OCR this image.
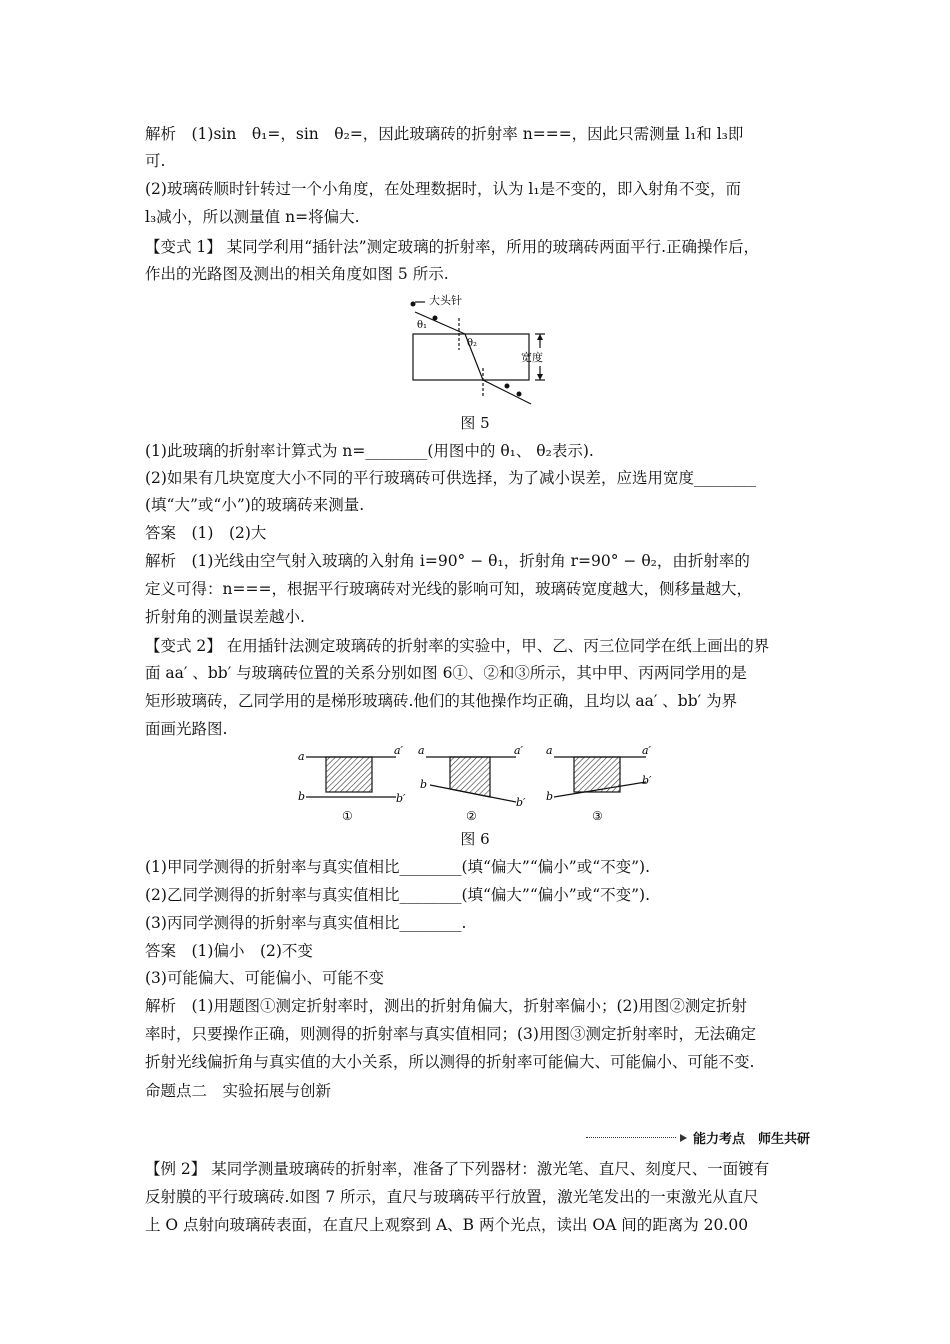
解析　(1)sin　θ₁=，sin　θ₂=，因此玻璃砖的折射率 n===，因此只需测量 l₁和 l₃即
可.
(2)玻璃砖顺时针转过一个小角度，在处理数据时，认为 l₁是不变的，即入射角不变，而
l₃减小，所以测量值 n=将偏大.
【变式 1】 某同学利用“插针法”测定玻璃的折射率，所用的玻璃砖两面平行.正确操作后，
作出的光路图及测出的相关角度如图 5 所示.
大头针
θ₁
θ₂
宽度
图 5
(1)此玻璃的折射率计算式为 n=________(用图中的 θ₁、 θ₂表示).
(2)如果有几块宽度大小不同的平行玻璃砖可供选择，为了减小误差，应选用宽度________
(填“大”或“小”)的玻璃砖来测量.
答案　(1)　(2)大
解析　(1)光线由空气射入玻璃的入射角 i=90° − θ₁，折射角 r=90° − θ₂，由折射率的
定义可得：n===，根据平行玻璃砖对光线的影响可知，玻璃砖宽度越大，侧移量越大，
折射角的测量误差越小.
【变式 2】 在用插针法测定玻璃砖的折射率的实验中，甲、乙、丙三位同学在纸上画出的界
面 aa′ 、bb′ 与玻璃砖位置的关系分别如图 6①、②和③所示，其中甲、丙两同学用的是
矩形玻璃砖，乙同学用的是梯形玻璃砖.他们的其他操作均正确，且均以 aa′ 、bb′ 为界
面画光路图.
a	a′
b	b′
①
a	a′
b
b′
②
a	a′
b
b′
③
图 6
(1)甲同学测得的折射率与真实值相比________(填“偏大”“偏小”或“不变”).
(2)乙同学测得的折射率与真实值相比________(填“偏大”“偏小”或“不变”).
(3)丙同学测得的折射率与真实值相比________.
答案　(1)偏小　(2)不变
(3)可能偏大、可能偏小、可能不变
解析　(1)用题图①测定折射率时，测出的折射角偏大，折射率偏小；(2)用图②测定折射
率时，只要操作正确，则测得的折射率与真实值相同；(3)用图③测定折射率时，无法确定
折射光线偏折角与真实值的大小关系，所以测得的折射率可能偏大、可能偏小、可能不变.
命题点二　实验拓展与创新
能力考点　师生共研
【例 2】 某同学测量玻璃砖的折射率，准备了下列器材：激光笔、直尺、刻度尺、一面镀有
反射膜的平行玻璃砖.如图 7 所示，直尺与玻璃砖平行放置，激光笔发出的一束激光从直尺
上 O 点射向玻璃砖表面，在直尺上观察到 A、B 两个光点，读出 OA 间的距离为 20.00
